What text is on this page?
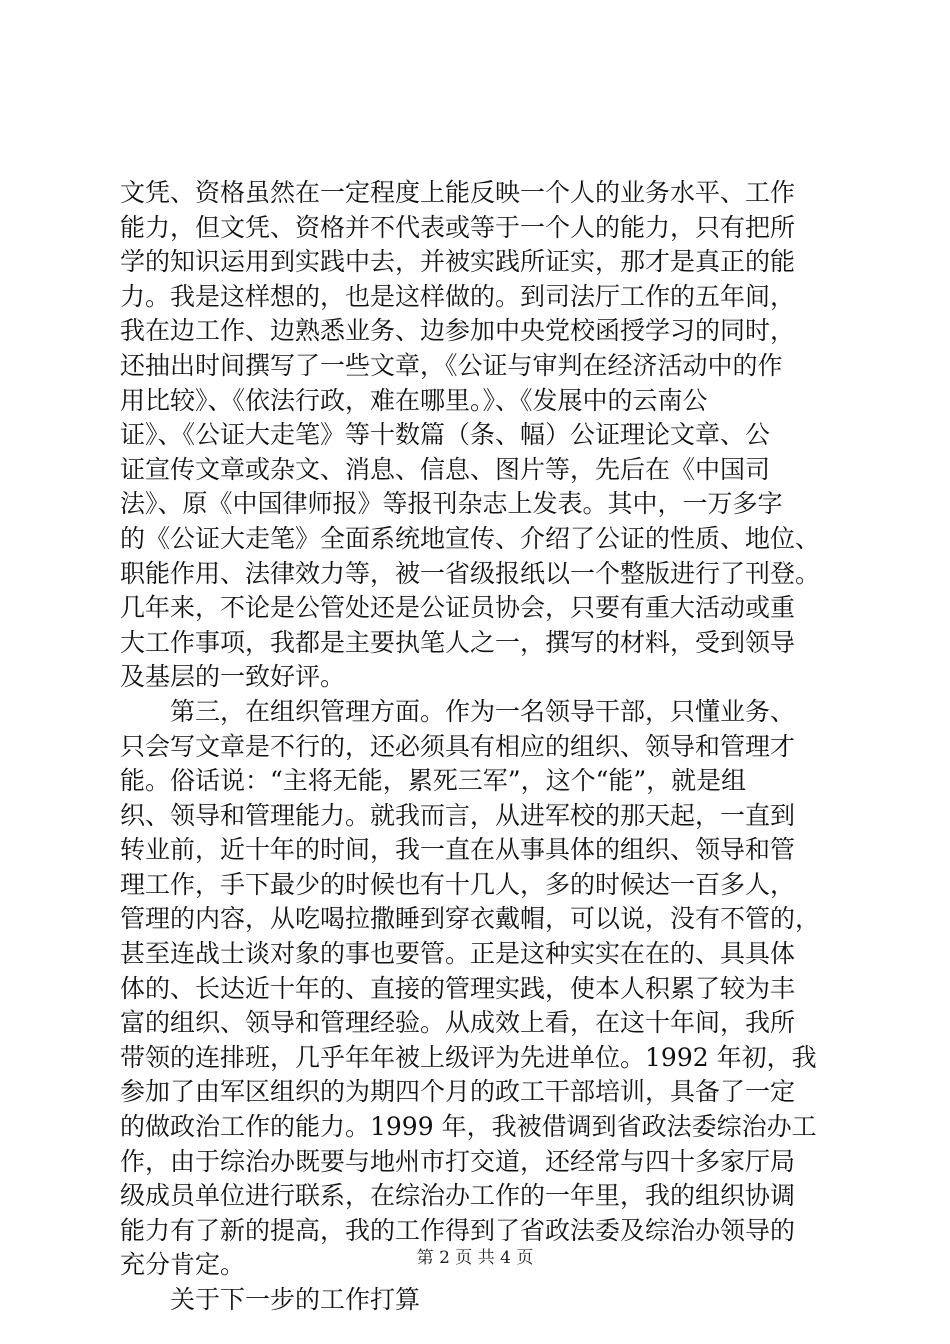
文凭、资格虽然在一定程度上能反映一个人的业务水平、工作
能力，但文凭、资格并不代表或等于一个人的能力，只有把所
学的知识运用到实践中去，并被实践所证实，那才是真正的能
力。我是这样想的，也是这样做的。到司法厅工作的五年间，
我在边工作、边熟悉业务、边参加中央党校函授学习的同时，
还抽出时间撰写了一些文章，《公证与审判在经济活动中的作
用比较》、《依法行政，难在哪里。》、《发展中的云南公
证》、《公证大走笔》等十数篇（条、幅）公证理论文章、公
证宣传文章或杂文、消息、信息、图片等，先后在《中国司
法》、原《中国律师报》等报刊杂志上发表。其中，一万多字
的《公证大走笔》全面系统地宣传、介绍了公证的性质、地位、
职能作用、法律效力等，被一省级报纸以一个整版进行了刊登。
几年来，不论是公管处还是公证员协会，只要有重大活动或重
大工作事项，我都是主要执笔人之一，撰写的材料，受到领导
及基层的一致好评。
第三，在组织管理方面。作为一名领导干部，只懂业务、
只会写文章是不行的，还必须具有相应的组织、领导和管理才
能。俗话说：“主将无能，累死三军”，这个“能”，就是组
织、领导和管理能力。就我而言，从进军校的那天起，一直到
转业前，近十年的时间，我一直在从事具体的组织、领导和管
理工作，手下最少的时候也有十几人，多的时候达一百多人，
管理的内容，从吃喝拉撒睡到穿衣戴帽，可以说，没有不管的，
甚至连战士谈对象的事也要管。正是这种实实在在的、具具体
体的、长达近十年的、直接的管理实践，使本人积累了较为丰
富的组织、领导和管理经验。从成效上看，在这十年间，我所
带领的连排班，几乎年年被上级评为先进单位。1992 年初，我
参加了由军区组织的为期四个月的政工干部培训，具备了一定
的做政治工作的能力。1999 年，我被借调到省政法委综治办工
作，由于综治办既要与地州市打交道，还经常与四十多家厅局
级成员单位进行联系，在综治办工作的一年里，我的组织协调
能力有了新的提高，我的工作得到了省政法委及综治办领导的
充分肯定。
关于下一步的工作打算
第 2 页 共 4 页
